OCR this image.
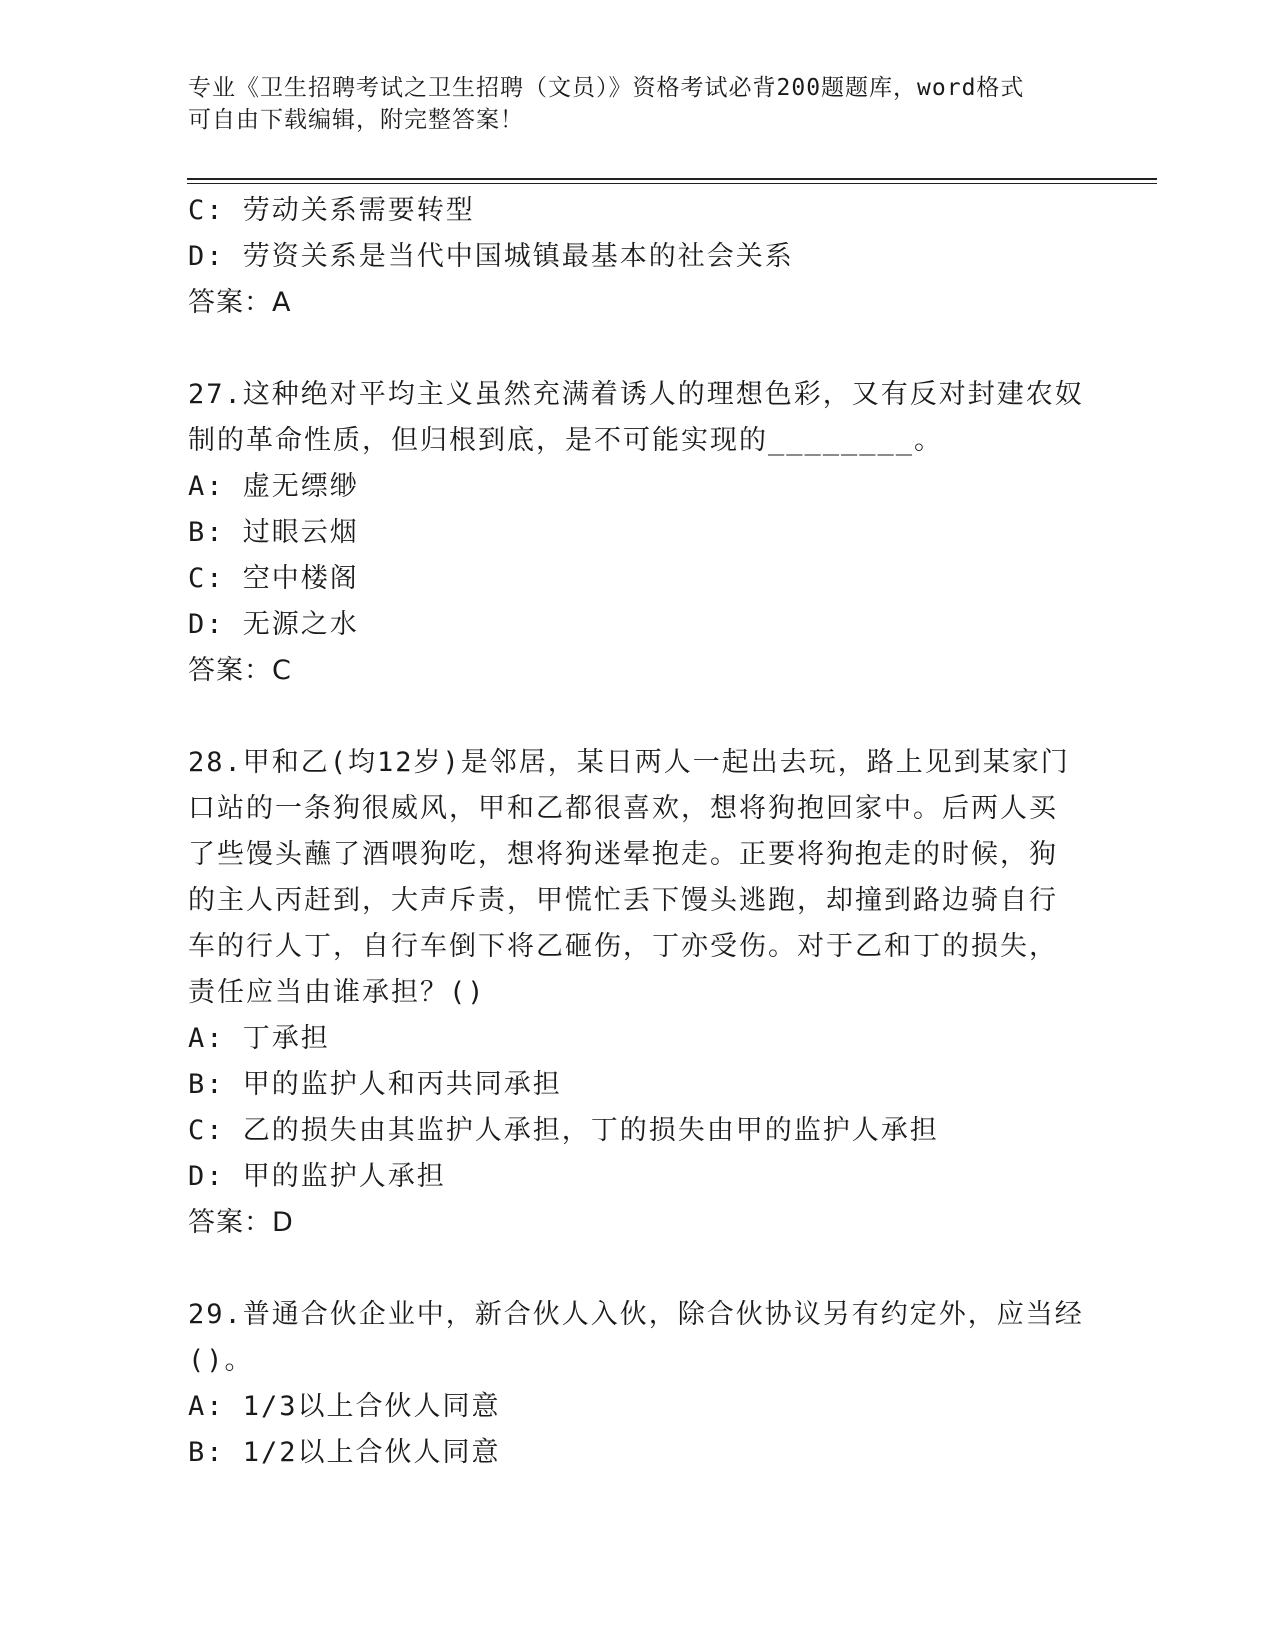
专业《卫生招聘考试之卫生招聘（文员）》资格考试必背200题题库，word格式
可自由下载编辑，附完整答案！
C: 劳动关系需要转型
D: 劳资关系是当代中国城镇最基本的社会关系
答案：A
27.这种绝对平均主义虽然充满着诱人的理想色彩，又有反对封建农奴
制的革命性质，但归根到底，是不可能实现的________。
A: 虚无缥缈
B: 过眼云烟
C: 空中楼阁
D: 无源之水
答案：C
28.甲和乙(均12岁)是邻居，某日两人一起出去玩，路上见到某家门
口站的一条狗很威风，甲和乙都很喜欢，想将狗抱回家中。后两人买
了些馒头蘸了酒喂狗吃，想将狗迷晕抱走。正要将狗抱走的时候，狗
的主人丙赶到，大声斥责，甲慌忙丢下馒头逃跑，却撞到路边骑自行
车的行人丁，自行车倒下将乙砸伤，丁亦受伤。对于乙和丁的损失，
责任应当由谁承担？()
A: 丁承担
B: 甲的监护人和丙共同承担
C: 乙的损失由其监护人承担，丁的损失由甲的监护人承担
D: 甲的监护人承担
答案：D
29.普通合伙企业中，新合伙人入伙，除合伙协议另有约定外，应当经
()。
A: 1/3以上合伙人同意
B: 1/2以上合伙人同意
